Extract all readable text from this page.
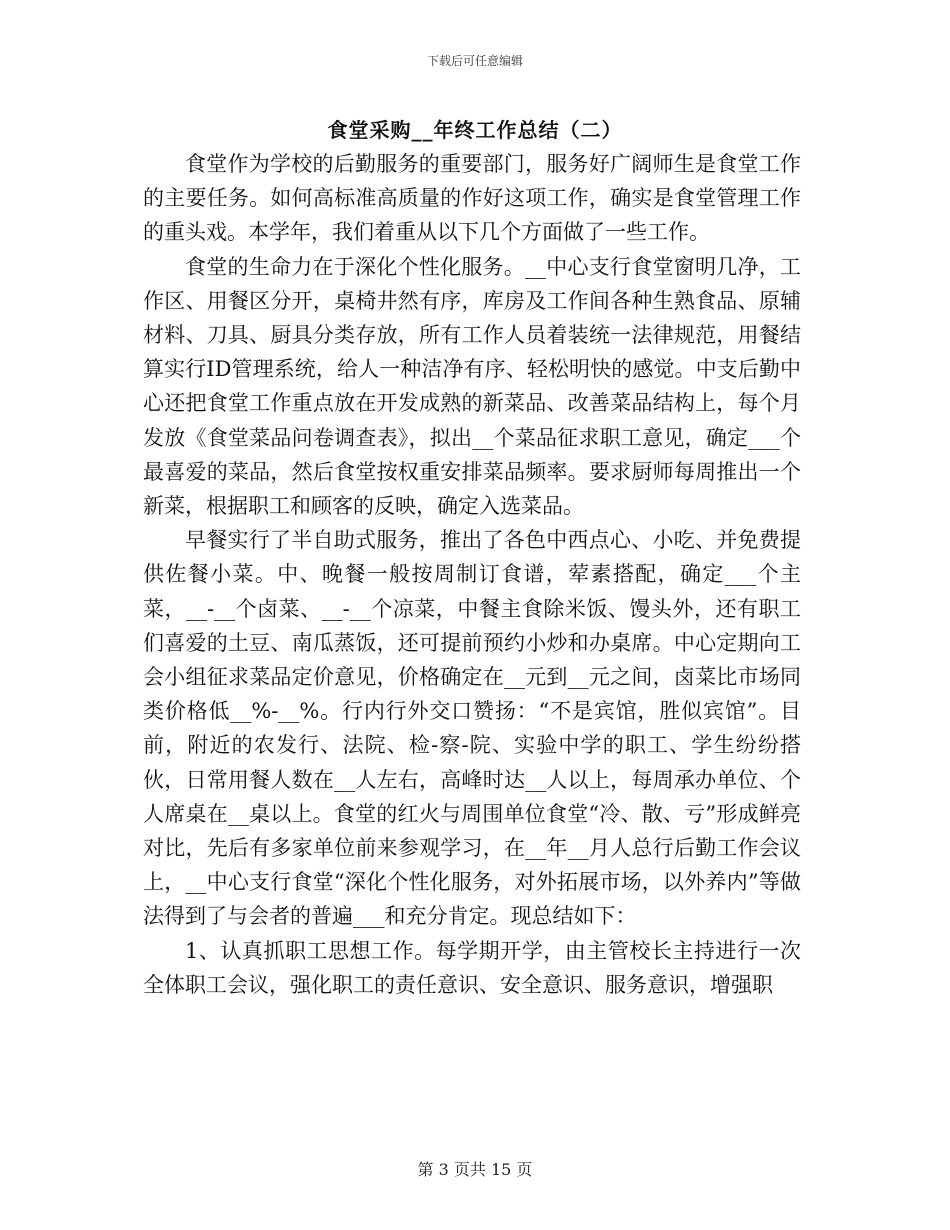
下载后可任意编辑
食堂采购__年终工作总结（二）

食堂作为学校的后勤服务的重要部门，服务好广阔师生是食堂工作的主要任务。如何高标准高质量的作好这项工作，确实是食堂管理工作的重头戏。本学年，我们着重从以下几个方面做了一些工作。

食堂的生命力在于深化个性化服务。__中心支行食堂窗明几净，工作区、用餐区分开，桌椅井然有序，库房及工作间各种生熟食品、原辅材料、刀具、厨具分类存放，所有工作人员着装统一法律规范，用餐结算实行ID管理系统，给人一种洁净有序、轻松明快的感觉。中支后勤中心还把食堂工作重点放在开发成熟的新菜品、改善菜品结构上，每个月发放《食堂菜品问卷调查表》，拟出__个菜品征求职工意见，确定___个最喜爱的菜品，然后食堂按权重安排菜品频率。要求厨师每周推出一个新菜，根据职工和顾客的反映，确定入选菜品。

早餐实行了半自助式服务，推出了各色中西点心、小吃、并免费提供佐餐小菜。中、晚餐一般按周制订食谱，荤素搭配，确定___个主菜，__-__个卤菜、__-__个凉菜，中餐主食除米饭、馒头外，还有职工们喜爱的土豆、南瓜蒸饭，还可提前预约小炒和办桌席。中心定期向工会小组征求菜品定价意见，价格确定在__元到__元之间，卤菜比市场同类价格低__%-__%。行内行外交口赞扬：“不是宾馆，胜似宾馆”。目前，附近的农发行、法院、检-察-院、实验中学的职工、学生纷纷搭伙，日常用餐人数在__人左右，高峰时达__人以上，每周承办单位、个人席桌在__桌以上。食堂的红火与周围单位食堂“冷、散、亏”形成鲜亮对比，先后有多家单位前来参观学习，在__年__月人总行后勤工作会议上，__中心支行食堂“深化个性化服务，对外拓展市场，以外养内”等做法得到了与会者的普遍___和充分肯定。现总结如下：

1、认真抓职工思想工作。每学期开学，由主管校长主持进行一次全体职工会议，强化职工的责任意识、安全意识、服务意识，增强职

第 3 页共 15 页
